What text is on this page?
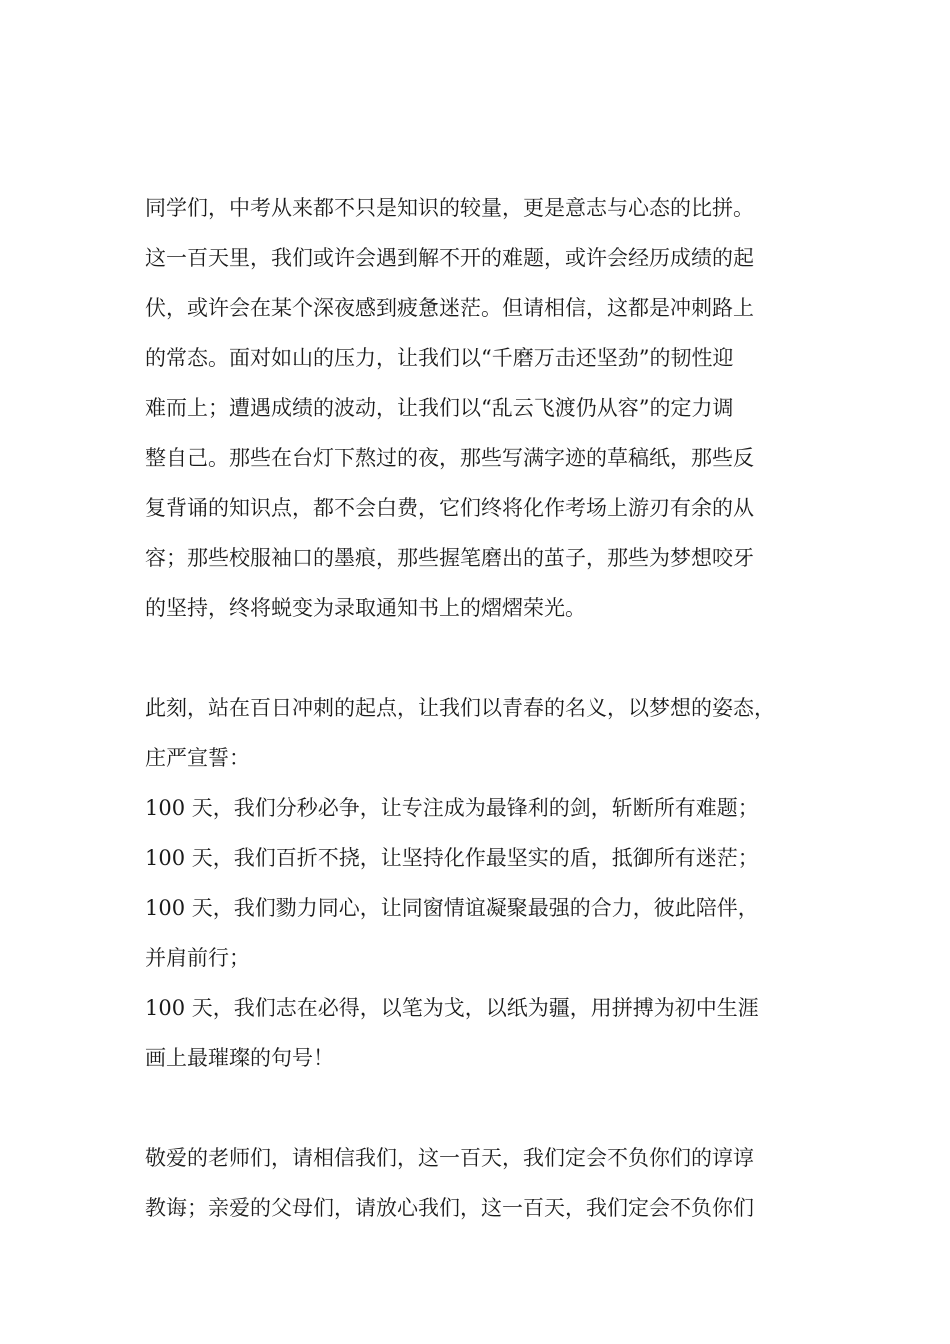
同学们，中考从来都不只是知识的较量，更是意志与心态的比拼。
这一百天里，我们或许会遇到解不开的难题，或许会经历成绩的起
伏，或许会在某个深夜感到疲惫迷茫。但请相信，这都是冲刺路上
的常态。面对如山的压力，让我们以“千磨万击还坚劲”的韧性迎
难而上；遭遇成绩的波动，让我们以“乱云飞渡仍从容”的定力调
整自己。那些在台灯下熬过的夜，那些写满字迹的草稿纸，那些反
复背诵的知识点，都不会白费，它们终将化作考场上游刃有余的从
容；那些校服袖口的墨痕，那些握笔磨出的茧子，那些为梦想咬牙
的坚持，终将蜕变为录取通知书上的熠熠荣光。
此刻，站在百日冲刺的起点，让我们以青春的名义，以梦想的姿态，
庄严宣誓：
100 天，我们分秒必争，让专注成为最锋利的剑，斩断所有难题；
100 天，我们百折不挠，让坚持化作最坚实的盾，抵御所有迷茫；
100 天，我们勠力同心，让同窗情谊凝聚最强的合力，彼此陪伴，
并肩前行；
100 天，我们志在必得，以笔为戈，以纸为疆，用拼搏为初中生涯
画上最璀璨的句号！
敬爱的老师们，请相信我们，这一百天，我们定会不负你们的谆谆
教诲；亲爱的父母们，请放心我们，这一百天，我们定会不负你们
